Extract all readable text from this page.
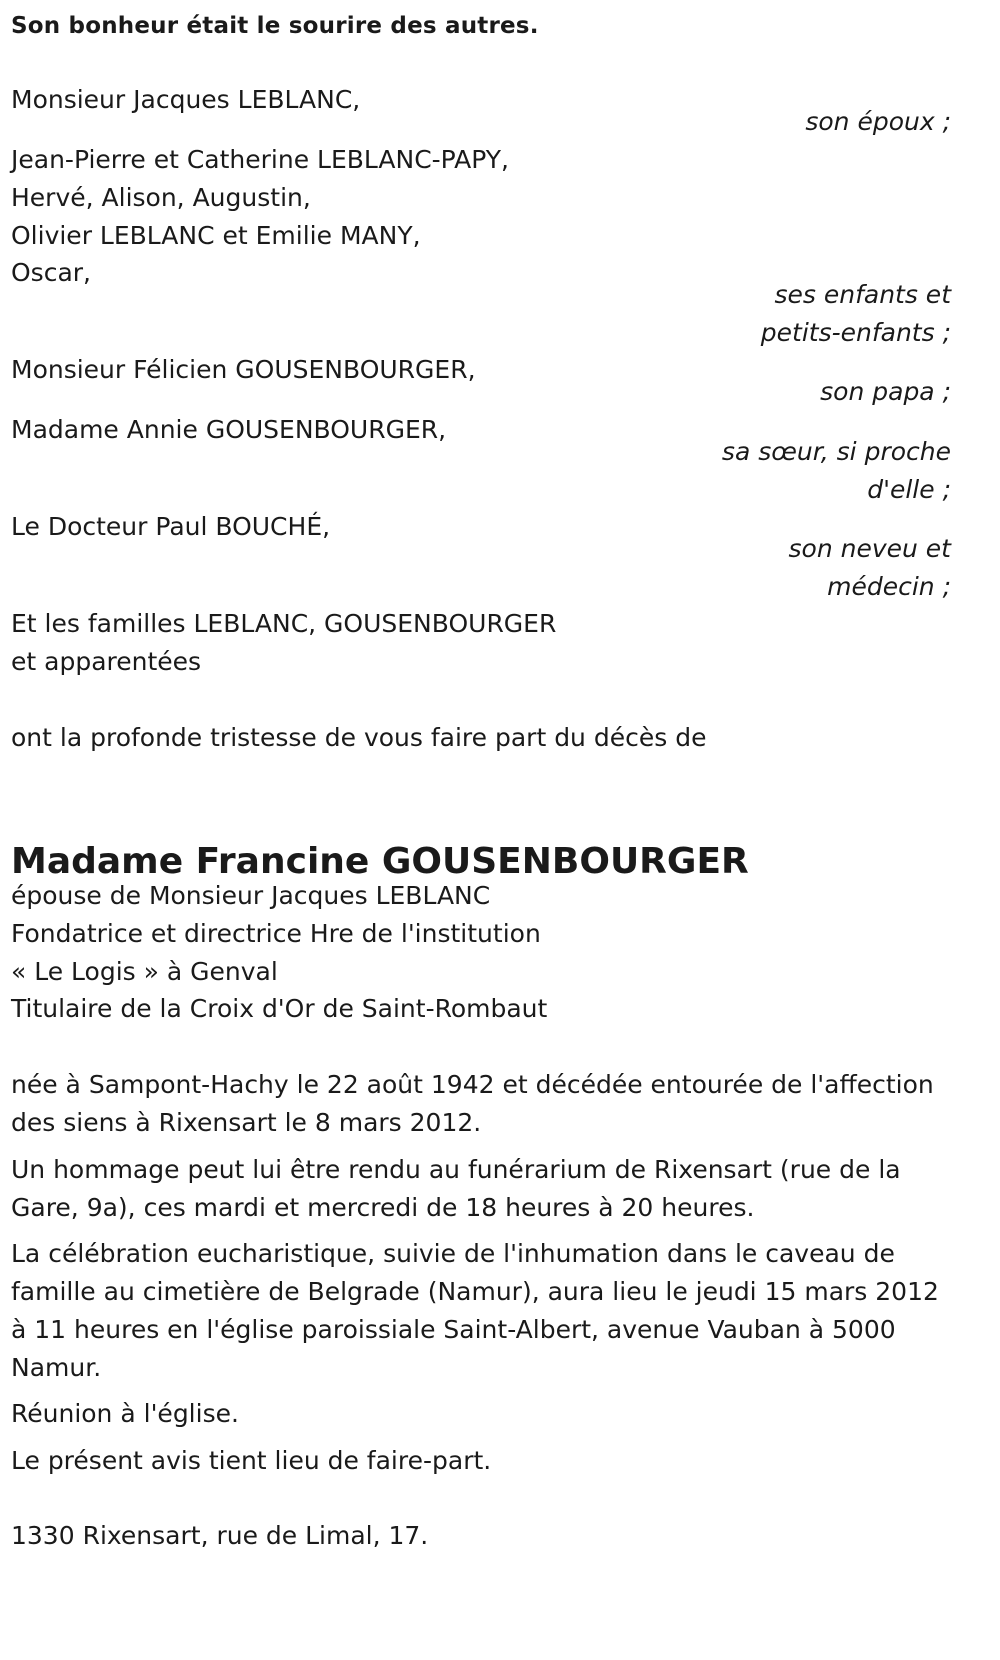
Son bonheur était le sourire des autres.
Monsieur Jacques LEBLANC,
son époux ;
Jean-Pierre et Catherine LEBLANC-PAPY,
Hervé, Alison, Augustin,
Olivier LEBLANC et Emilie MANY,
Oscar,
ses enfants et
petits-enfants ;
Monsieur Félicien GOUSENBOURGER,
son papa ;
Madame Annie GOUSENBOURGER,
sa sœur, si proche
d'elle ;
Le Docteur Paul BOUCHÉ,
son neveu et
médecin ;
Et les familles LEBLANC, GOUSENBOURGER
et apparentées
ont la profonde tristesse de vous faire part du décès de
Madame Francine GOUSENBOURGER
épouse de Monsieur Jacques LEBLANC
Fondatrice et directrice Hre de l'institution
« Le Logis » à Genval
Titulaire de la Croix d'Or de Saint-Rombaut
née à Sampont-Hachy le 22 août 1942 et décédée entourée de l'affection des siens à Rixensart le 8 mars 2012.
Un hommage peut lui être rendu au funérarium de Rixensart (rue de la Gare, 9a), ces mardi et mercredi de 18 heures à 20 heures.
La célébration eucharistique, suivie de l'inhumation dans le caveau de famille au cimetière de Belgrade (Namur), aura lieu le jeudi 15 mars 2012 à 11 heures en l'église paroissiale Saint-Albert, avenue Vauban à 5000 Namur.
Réunion à l'église.
Le présent avis tient lieu de faire-part.
1330 Rixensart, rue de Limal, 17.
